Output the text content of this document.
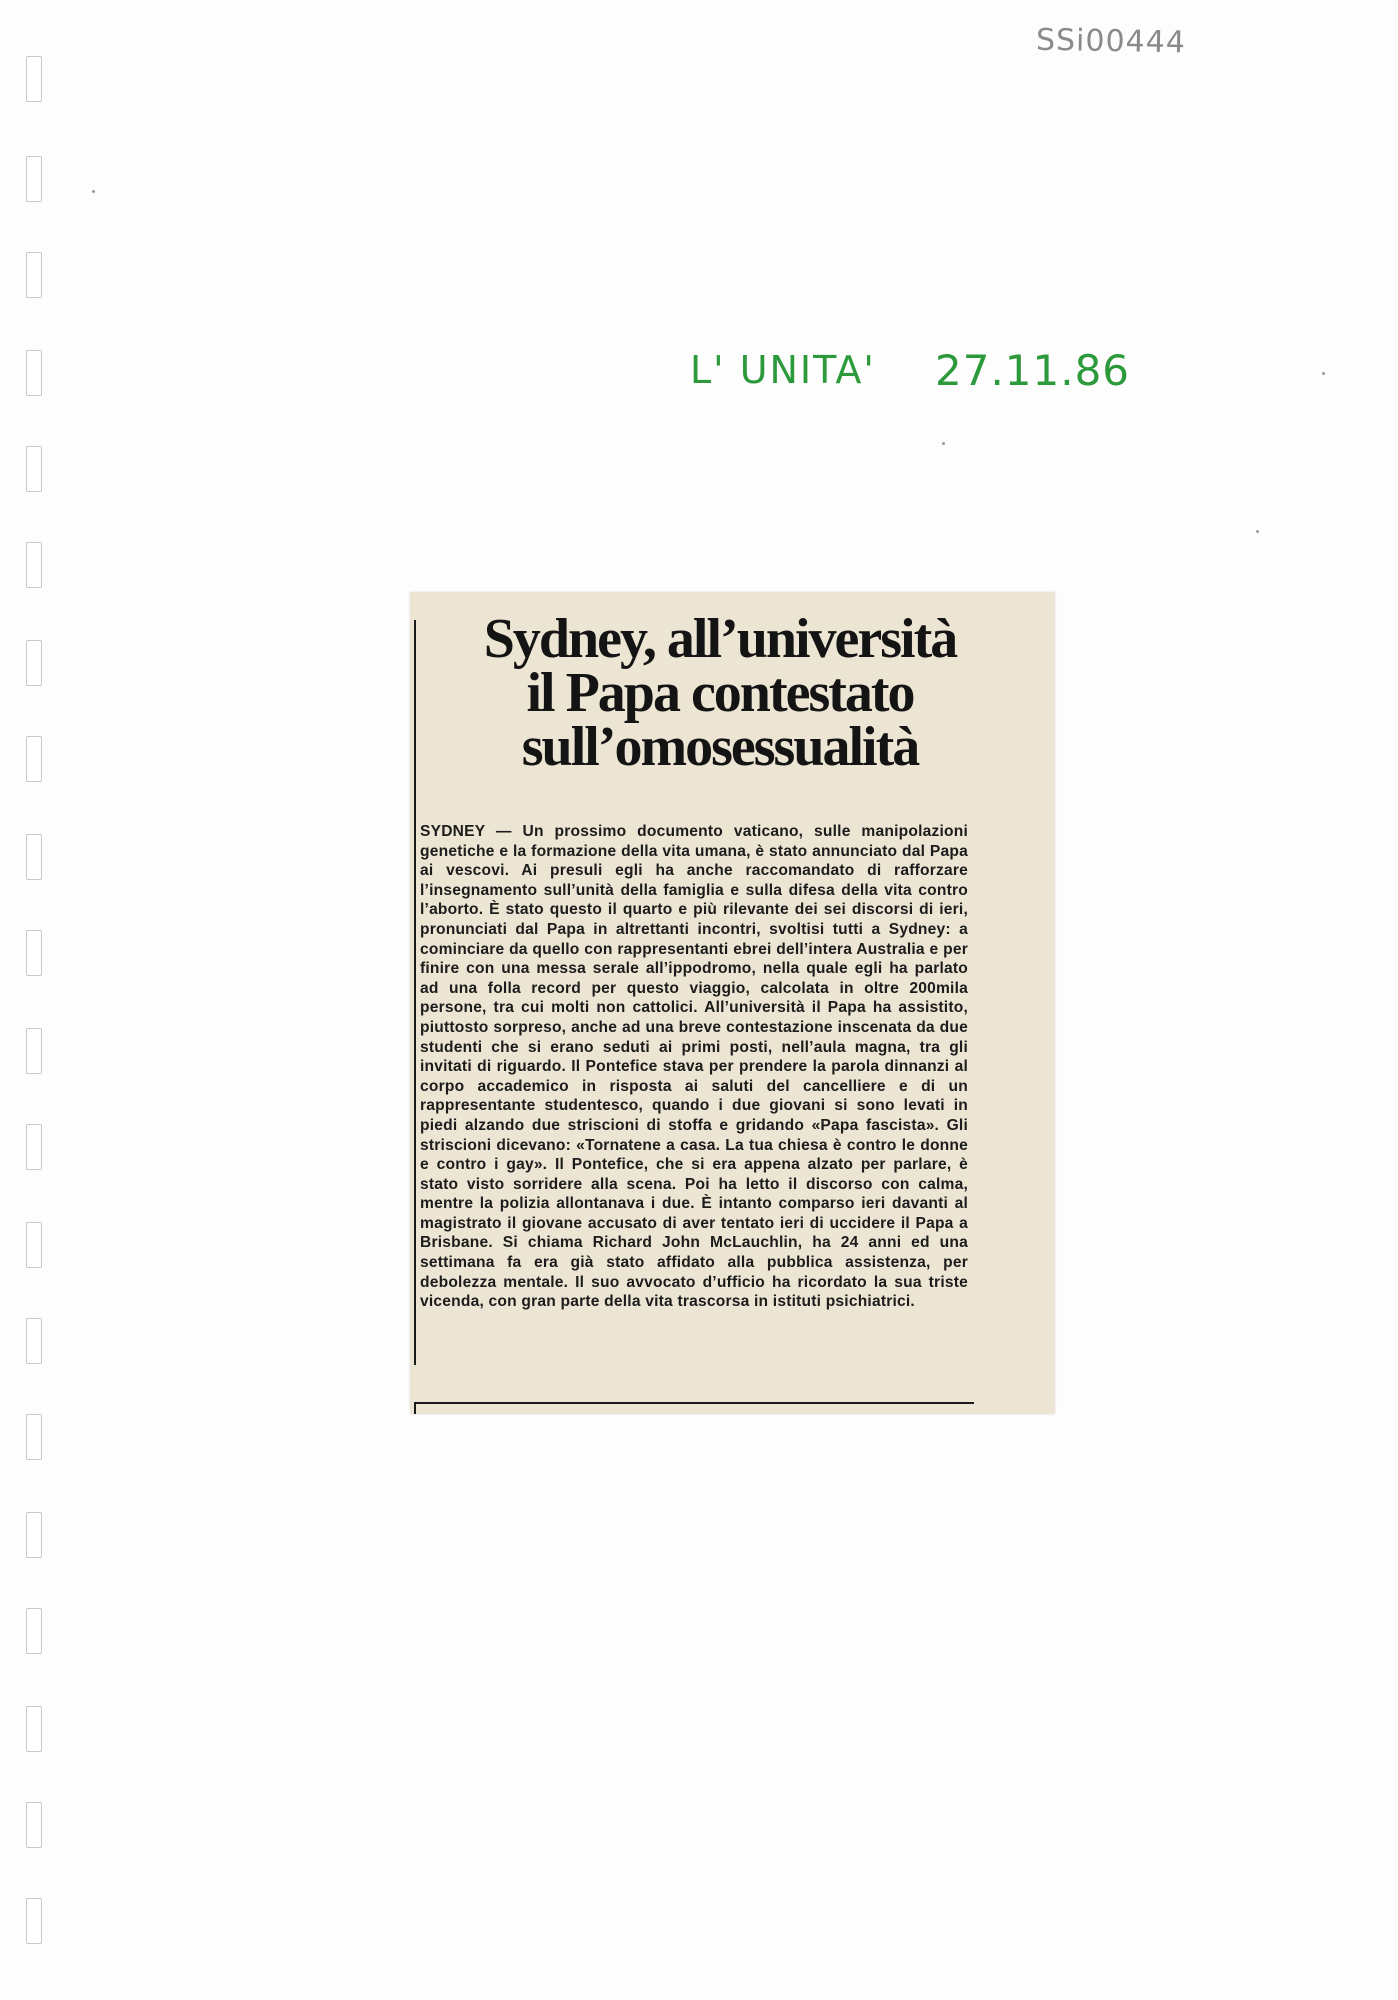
SSi00444
L' UNITA' 27.11.86
Sydney, all’università
il Papa contestato
sull’omosessualità

SYDNEY — Un prossimo documento vaticano, sulle manipolazioni genetiche e la formazione della vita umana, è stato annunciato dal Papa ai vescovi. Ai presuli egli ha anche raccomandato di rafforzare l’insegnamento sull’unità della famiglia e sulla difesa della vita contro l’aborto. È stato questo il quarto e più rilevante dei sei discorsi di ieri, pronunciati dal Papa in altrettanti incontri, svoltisi tutti a Sydney: a cominciare da quello con rappresentanti ebrei dell’intera Australia e per finire con una messa serale all’ippodromo, nella quale egli ha parlato ad una folla record per questo viaggio, calcolata in oltre 200mila persone, tra cui molti non cattolici. All’università il Papa ha assistito, piuttosto sorpreso, anche ad una breve contestazione inscenata da due studenti che si erano seduti ai primi posti, nell’aula magna, tra gli invitati di riguardo. Il Pontefice stava per prendere la parola dinnanzi al corpo accademico in risposta ai saluti del cancelliere e di un rappresentante studentesco, quando i due giovani si sono levati in piedi alzando due striscioni di stoffa e gridando «Papa fascista». Gli striscioni dicevano: «Tornatene a casa. La tua chiesa è contro le donne e contro i gay». Il Pontefice, che si era appena alzato per parlare, è stato visto sorridere alla scena. Poi ha letto il discorso con calma, mentre la polizia allontanava i due. È intanto comparso ieri davanti al magistrato il giovane accusato di aver tentato ieri di uccidere il Papa a Brisbane. Si chiama Richard John McLauchlin, ha 24 anni ed una settimana fa era già stato affidato alla pubblica assistenza, per debolezza mentale. Il suo avvocato d’ufficio ha ricordato la sua triste vicenda, con gran parte della vita trascorsa in istituti psichiatrici.
